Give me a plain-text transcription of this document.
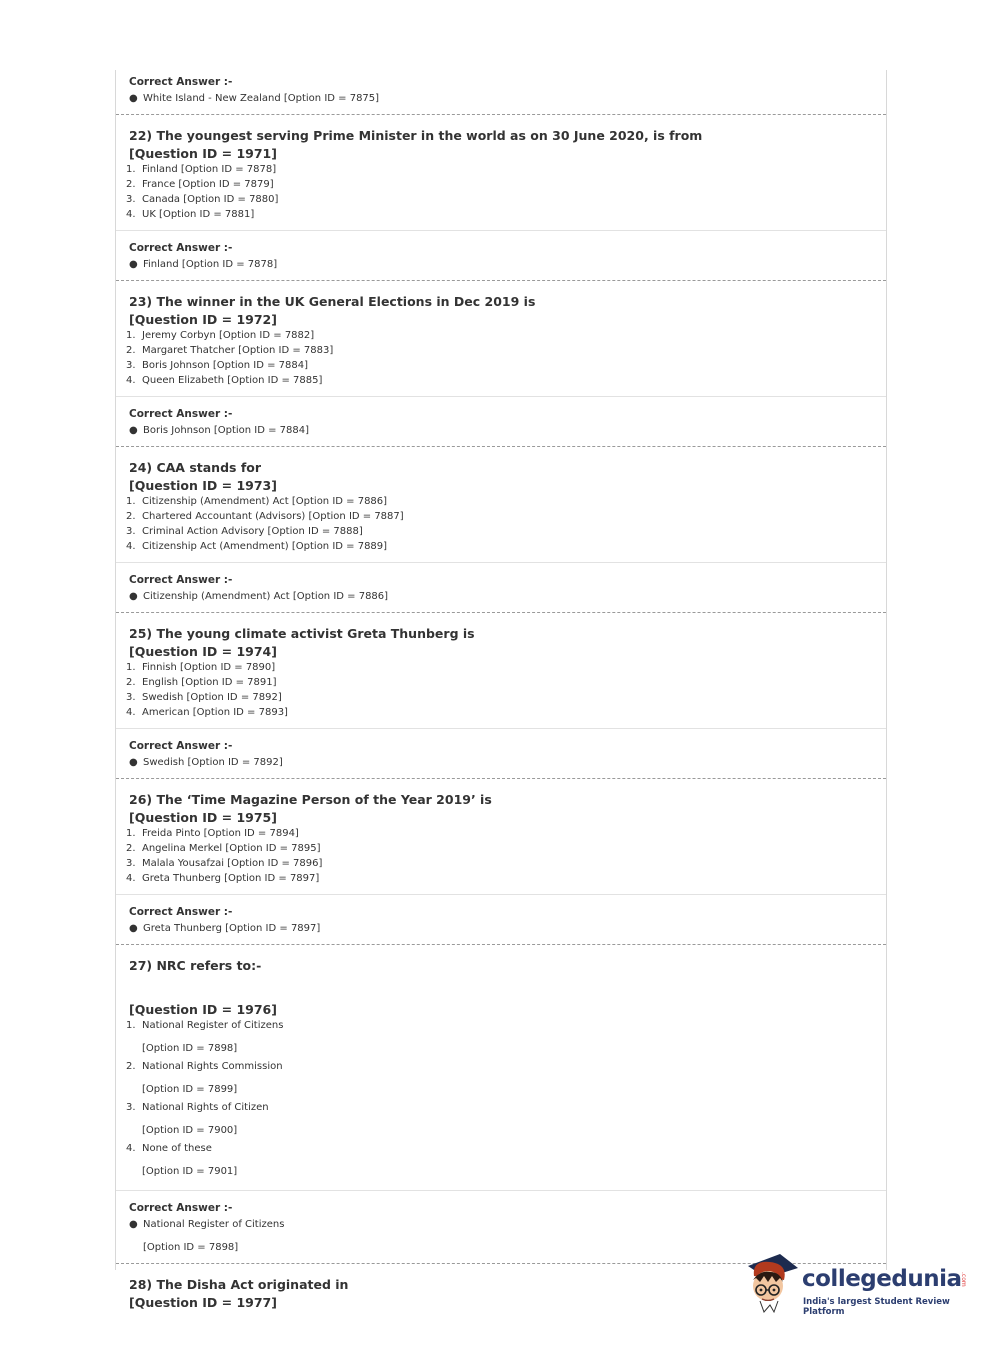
Correct Answer :-
● White Island - New Zealand [Option ID = 7875]
22) The youngest serving Prime Minister in the world as on 30 June 2020, is from
[Question ID = 1971]
1. Finland [Option ID = 7878]
2. France [Option ID = 7879]
3. Canada [Option ID = 7880]
4. UK [Option ID = 7881]
Correct Answer :-
● Finland [Option ID = 7878]
23) The winner in the UK General Elections in Dec 2019 is
[Question ID = 1972]
1. Jeremy Corbyn [Option ID = 7882]
2. Margaret Thatcher [Option ID = 7883]
3. Boris Johnson [Option ID = 7884]
4. Queen Elizabeth [Option ID = 7885]
Correct Answer :-
● Boris Johnson [Option ID = 7884]
24) CAA stands for
[Question ID = 1973]
1. Citizenship (Amendment) Act [Option ID = 7886]
2. Chartered Accountant (Advisors) [Option ID = 7887]
3. Criminal Action Advisory [Option ID = 7888]
4. Citizenship Act (Amendment) [Option ID = 7889]
Correct Answer :-
● Citizenship (Amendment) Act [Option ID = 7886]
25) The young climate activist Greta Thunberg is
[Question ID = 1974]
1. Finnish [Option ID = 7890]
2. English [Option ID = 7891]
3. Swedish [Option ID = 7892]
4. American [Option ID = 7893]
Correct Answer :-
● Swedish [Option ID = 7892]
26) The ‘Time Magazine Person of the Year 2019’ is
[Question ID = 1975]
1. Freida Pinto [Option ID = 7894]
2. Angelina Merkel [Option ID = 7895]
3. Malala Yousafzai [Option ID = 7896]
4. Greta Thunberg [Option ID = 7897]
Correct Answer :-
● Greta Thunberg [Option ID = 7897]
27) NRC refers to:-
[Question ID = 1976]
1. National Register of Citizens
[Option ID = 7898]
2. National Rights Commission
[Option ID = 7899]
3. National Rights of Citizen
[Option ID = 7900]
4. None of these
[Option ID = 7901]
Correct Answer :-
● National Register of Citizens
[Option ID = 7898]
28) The Disha Act originated in
[Question ID = 1977]
collegedunia
.com
India's largest Student Review Platform
